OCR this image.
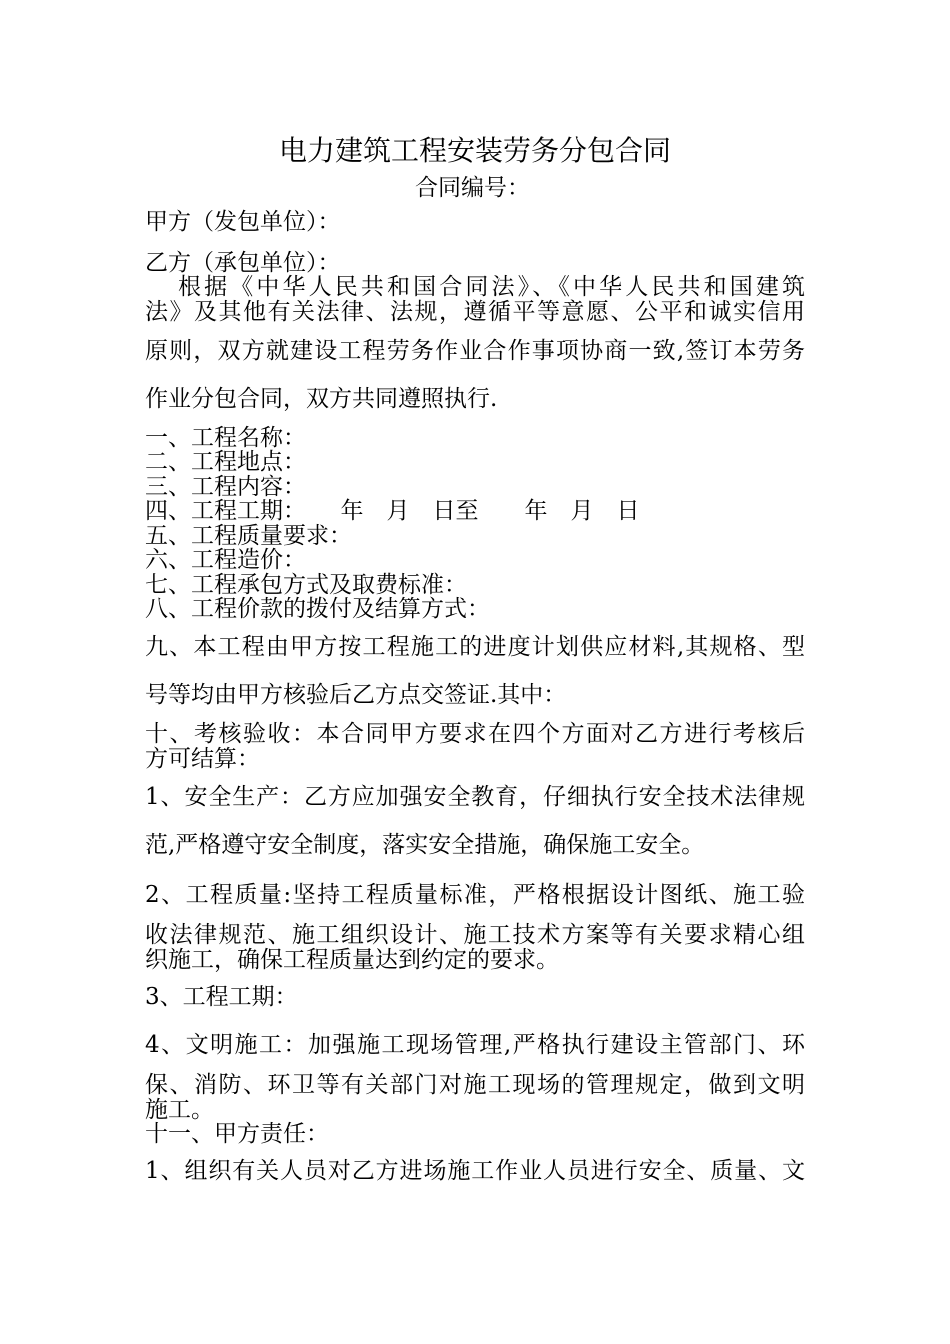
电力建筑工程安装劳务分包合同
合同编号：
甲方（发包单位）：
乙方（承包单位）：
根据《中华人民共和国合同法》、《中华人民共和国建筑
法》及其他有关法律、法规，遵循平等意愿、公平和诚实信用
原则，双方就建设工程劳务作业合作事项协商一致,签订本劳务
作业分包合同，双方共同遵照执行.
一、工程名称：
二、工程地点：
三、工程内容：
四、工程工期：　　年　月　日至　　年　月　日
五、工程质量要求：
六、工程造价：
七、工程承包方式及取费标准：
八、工程价款的拨付及结算方式：
九、本工程由甲方按工程施工的进度计划供应材料,其规格、型
号等均由甲方核验后乙方点交签证.其中：
十、考核验收：本合同甲方要求在四个方面对乙方进行考核后
方可结算：
1、安全生产：乙方应加强安全教育，仔细执行安全技术法律规
范,严格遵守安全制度，落实安全措施，确保施工安全。
2、工程质量:坚持工程质量标准，严格根据设计图纸、施工验
收法律规范、施工组织设计、施工技术方案等有关要求精心组
织施工，确保工程质量达到约定的要求。
3、工程工期：
4、文明施工：加强施工现场管理,严格执行建设主管部门、环
保、消防、环卫等有关部门对施工现场的管理规定，做到文明
施工。
十一、甲方责任：
1、组织有关人员对乙方进场施工作业人员进行安全、质量、文
